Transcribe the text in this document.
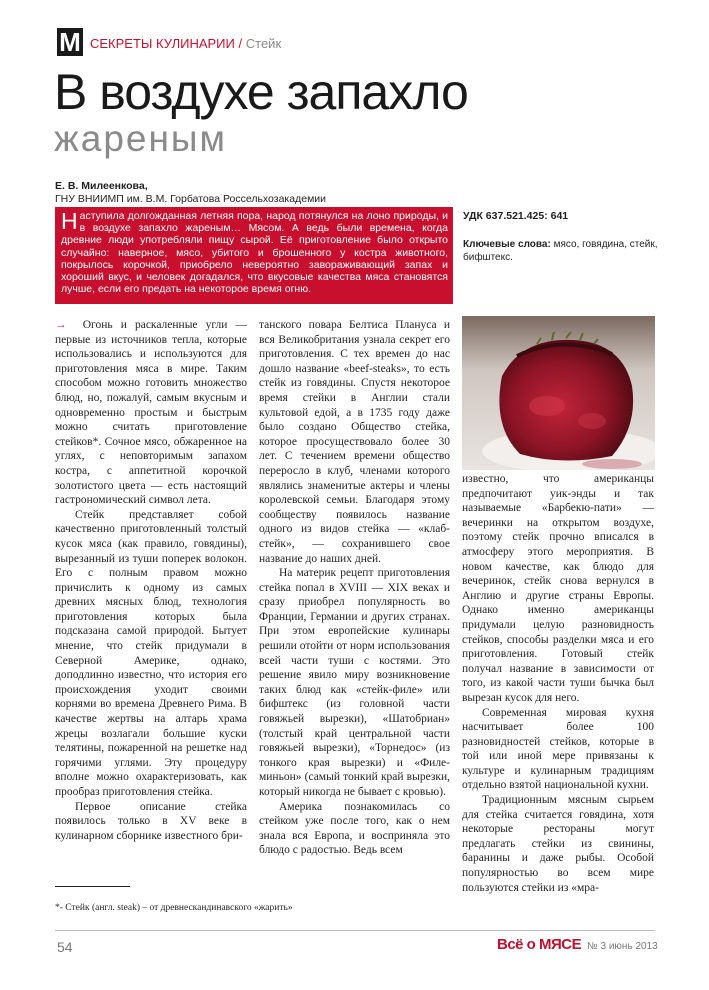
М СЕКРЕТЫ КУЛИНАРИИ / Стейк
В воздухе запахло
жареным
Е. В. Милеенкова,
ГНУ ВНИИМП им. В.М. Горбатова Россельхозакадемии
Наступила долгожданная летняя пора, народ потянулся на лоно природы, и в воздухе запахло жареным… Мясом. А ведь были времена, когда древние люди употребляли пищу сырой. Её приготовление было открыто случайно: наверное, мясо, убитого и брошенного у костра животного, покрылось корочкой, приобрело невероятно завораживающий запах и хороший вкус, и человек догадался, что вкусовые качества мяса становятся лучше, если его предать на некоторое время огню.
УДК 637.521.425: 641
Ключевые слова: мясо, говядина, стейк, бифштекс.

→  Огонь и раскаленные угли — первые из источников тепла, которые использовались и используются для приготовления мяса в мире. Таким способом можно готовить множество блюд, но, пожалуй, самым вкусным и одновременно простым и быстрым можно считать приготовление стейков*. Сочное мясо, обжаренное на углях, с неповторимым запахом костра, с аппетитной корочкой золотистого цвета — есть настоящий гастрономический символ лета.

Стейк представляет собой качественно приготовленный толстый кусок мяса (как правило, говядины), вырезанный из туши поперек волокон. Его с полным правом можно причислить к одному из самых древних мясных блюд, технология приготовления которых была подсказана самой природой. Бытует мнение, что стейк придумали в Северной Америке, однако, доподлинно известно, что история его происхождения уходит своими корнями во времена Древнего Рима. В качестве жертвы на алтарь храма жрецы возлагали большие куски телятины, пожаренной на решетке над горячими углями. Эту процедуру вполне можно охарактеризовать, как прообраз приготовления стейка.

Первое описание стейка появилось только в XV веке в кулинарном сборнике известного бри-

танского повара Белтиса Плануса и вся Великобритания узнала секрет его приготовления. С тех времен до нас дошло название «beef-steaks», то есть стейк из говядины. Спустя некоторое время стейки в Англии стали культовой едой, а в 1735 году даже было создано Общество стейка, которое просуществовало более 30 лет. С течением времени общество переросло в клуб, членами которого являлись знаменитые актеры и члены королевской семьи. Благодаря этому сообществу появилось название одного из видов стейка — «клаб-стейк», — сохранившего свое название до наших дней.

На материк рецепт приготовления стейка попал в XVIII — XIX веках и сразу приобрел популярность во Франции, Германии и других странах. При этом европейские кулинары решили отойти от норм использования всей части туши с костями. Это решение явило миру возникновение таких блюд как «стейк-филе» или бифштекс (из головной части говяжьей вырезки), «Шатобриан» (толстый край центральной части говяжьей вырезки), «Торнедос» (из тонкого края вырезки) и «Филе-миньон» (самый тонкий край вырезки, который никогда не бывает с кровью).

Америка познакомилась со стейком уже после того, как о нем знала вся Европа, и восприняла это блюдо с радостью. Ведь всем

известно, что американцы предпочитают уик-энды и так называемые «Барбекю-пати» — вечеринки на открытом воздухе, поэтому стейк прочно вписался в атмосферу этого мероприятия. В новом качестве, как блюдо для вечеринок, стейк снова вернулся в Англию и другие страны Европы. Однако именно американцы придумали целую разновидность стейков, способы разделки мяса и его приготовления. Готовый стейк получал название в зависимости от того, из какой части туши бычка был вырезан кусок для него.

Современная мировая кухня насчитывает более 100 разновидностей стейков, которые в той или иной мере привязаны к культуре и кулинарным традициям отдельно взятой национальной кухни.

Традиционным мясным сырьем для стейка считается говядина, хотя некоторые рестораны могут предлагать стейки из свинины, баранины и даже рыбы. Особой популярностью во всем мире пользуются стейки из «мра-

*- Стейк (англ. steak) – от древнескандинавского «жарить»
54	Всё о МЯСЕ № 3 июнь 2013
